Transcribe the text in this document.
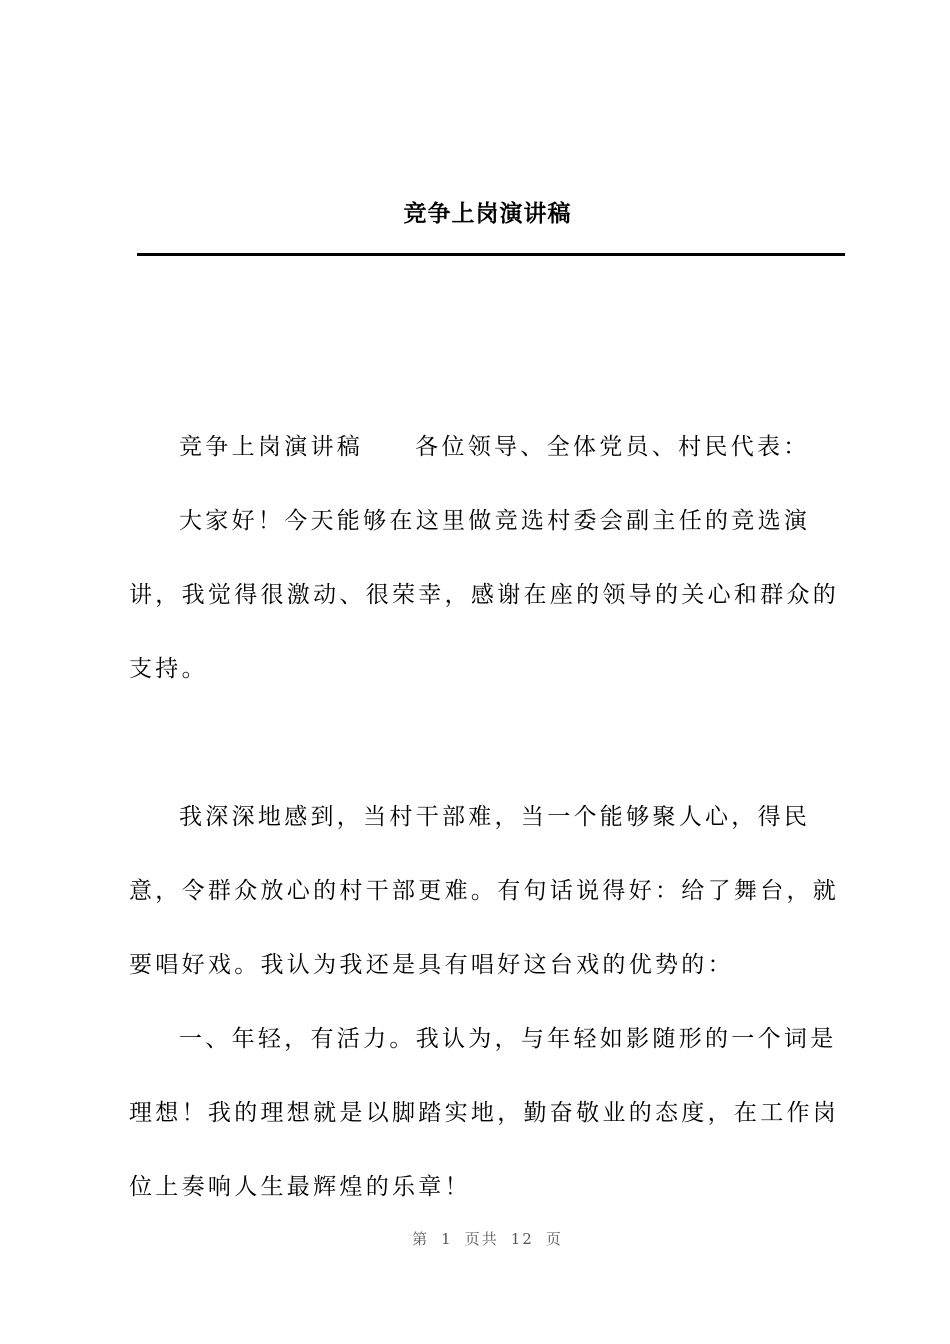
竞争上岗演讲稿

竞争上岗演讲稿 各位领导、全体党员、村民代表：

大家好！今天能够在这里做竞选村委会副主任的竞选演讲，我觉得很激动、很荣幸，感谢在座的领导的关心和群众的支持。

我深深地感到，当村干部难，当一个能够聚人心，得民意，令群众放心的村干部更难。有句话说得好：给了舞台，就要唱好戏。我认为我还是具有唱好这台戏的优势的：

一、年轻，有活力。我认为，与年轻如影随形的一个词是理想！我的理想就是以脚踏实地，勤奋敬业的态度，在工作岗位上奏响人生最辉煌的乐章！

第 1 页共 12 页
